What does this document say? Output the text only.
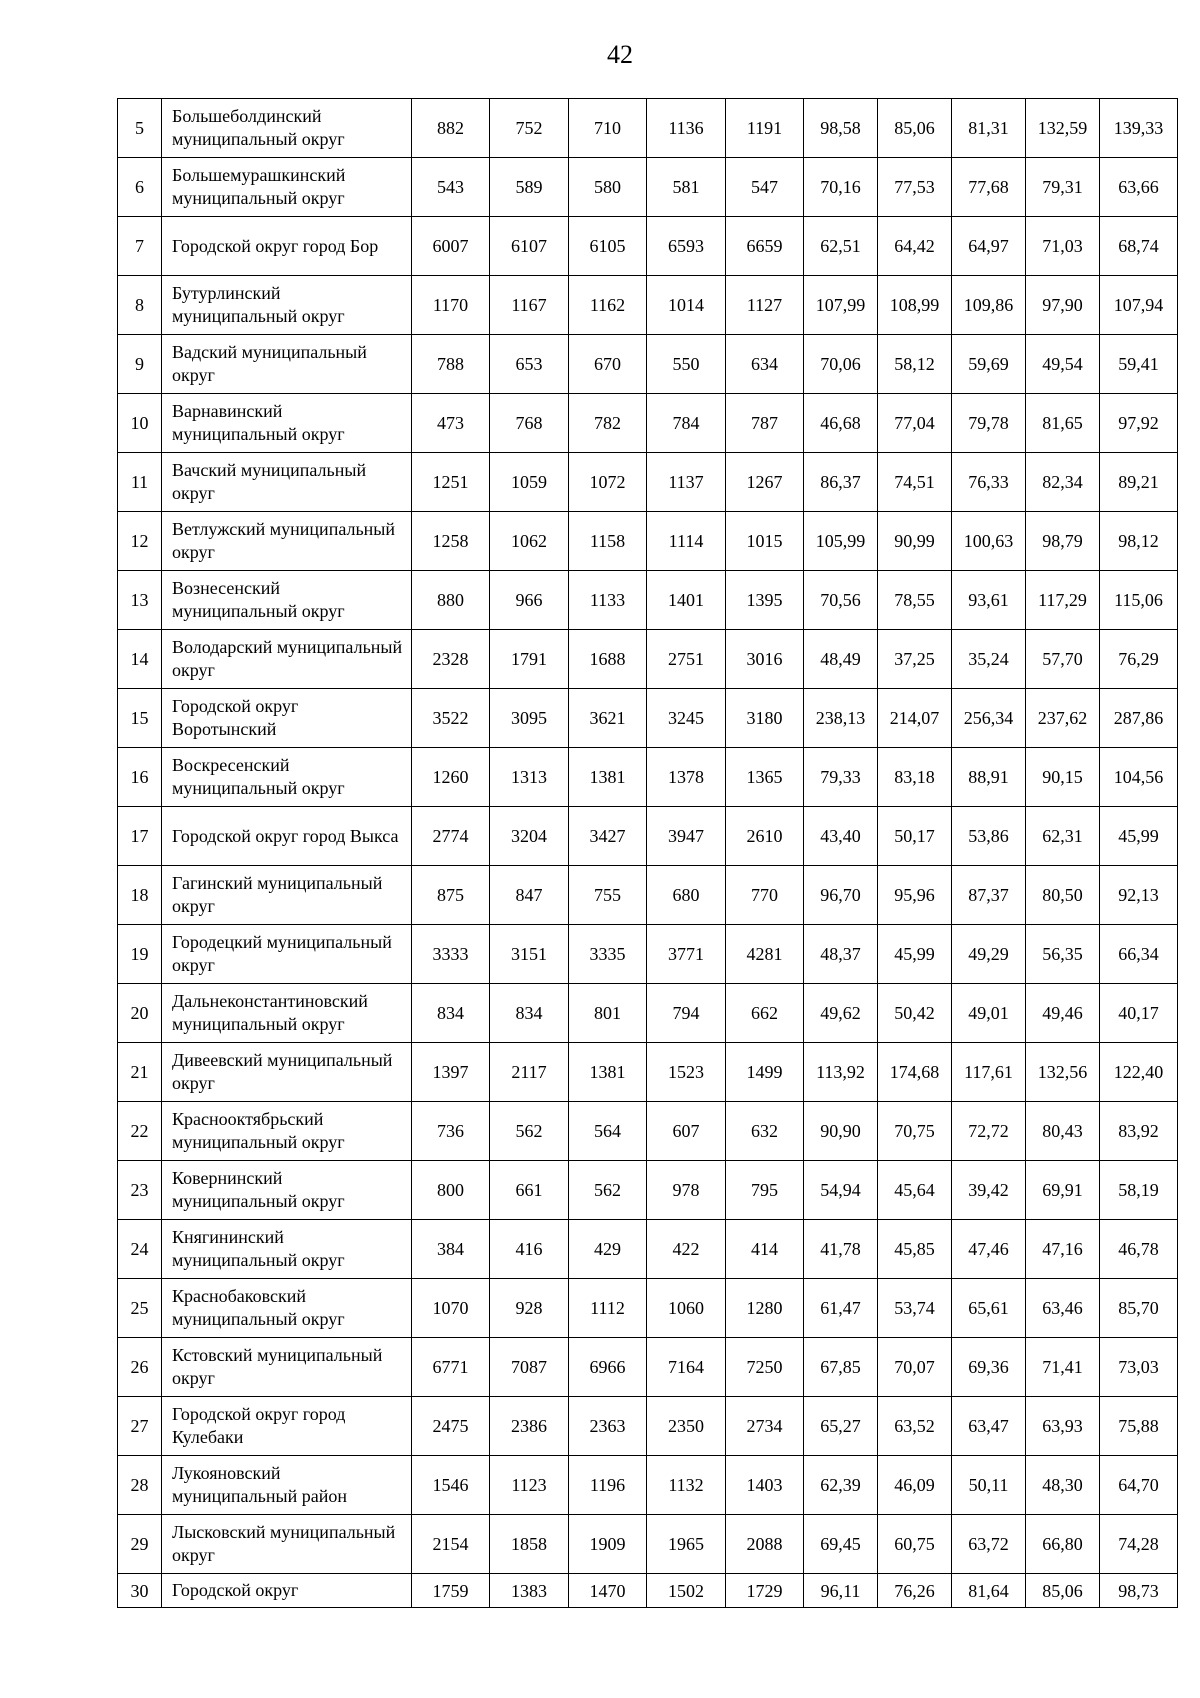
42
5	Большеболдинский муниципальный округ	882	752	710	1136	1191	98,58	85,06	81,31	132,59	139,33
6	Большемурашкинский муниципальный округ	543	589	580	581	547	70,16	77,53	77,68	79,31	63,66
7	Городской округ город Бор	6007	6107	6105	6593	6659	62,51	64,42	64,97	71,03	68,74
8	Бутурлинский муниципальный округ	1170	1167	1162	1014	1127	107,99	108,99	109,86	97,90	107,94
9	Вадский муниципальный округ	788	653	670	550	634	70,06	58,12	59,69	49,54	59,41
10	Варнавинский муниципальный округ	473	768	782	784	787	46,68	77,04	79,78	81,65	97,92
11	Вачский муниципальный округ	1251	1059	1072	1137	1267	86,37	74,51	76,33	82,34	89,21
12	Ветлужский муниципальный округ	1258	1062	1158	1114	1015	105,99	90,99	100,63	98,79	98,12
13	Вознесенский муниципальный округ	880	966	1133	1401	1395	70,56	78,55	93,61	117,29	115,06
14	Володарский муниципальный округ	2328	1791	1688	2751	3016	48,49	37,25	35,24	57,70	76,29
15	Городской округ Воротынский	3522	3095	3621	3245	3180	238,13	214,07	256,34	237,62	287,86
16	Воскресенский муниципальный округ	1260	1313	1381	1378	1365	79,33	83,18	88,91	90,15	104,56
17	Городской округ город Выкса	2774	3204	3427	3947	2610	43,40	50,17	53,86	62,31	45,99
18	Гагинский муниципальный округ	875	847	755	680	770	96,70	95,96	87,37	80,50	92,13
19	Городецкий муниципальный округ	3333	3151	3335	3771	4281	48,37	45,99	49,29	56,35	66,34
20	Дальнеконстантиновский муниципальный округ	834	834	801	794	662	49,62	50,42	49,01	49,46	40,17
21	Дивеевский муниципальный округ	1397	2117	1381	1523	1499	113,92	174,68	117,61	132,56	122,40
22	Краснооктябрьский муниципальный округ	736	562	564	607	632	90,90	70,75	72,72	80,43	83,92
23	Ковернинский муниципальный округ	800	661	562	978	795	54,94	45,64	39,42	69,91	58,19
24	Княгининский муниципальный округ	384	416	429	422	414	41,78	45,85	47,46	47,16	46,78
25	Краснобаковский муниципальный округ	1070	928	1112	1060	1280	61,47	53,74	65,61	63,46	85,70
26	Кстовский муниципальный округ	6771	7087	6966	7164	7250	67,85	70,07	69,36	71,41	73,03
27	Городской округ город Кулебаки	2475	2386	2363	2350	2734	65,27	63,52	63,47	63,93	75,88
28	Лукояновский муниципальный район	1546	1123	1196	1132	1403	62,39	46,09	50,11	48,30	64,70
29	Лысковский муниципальный округ	2154	1858	1909	1965	2088	69,45	60,75	63,72	66,80	74,28
30	Городской округ	1759	1383	1470	1502	1729	96,11	76,26	81,64	85,06	98,73
